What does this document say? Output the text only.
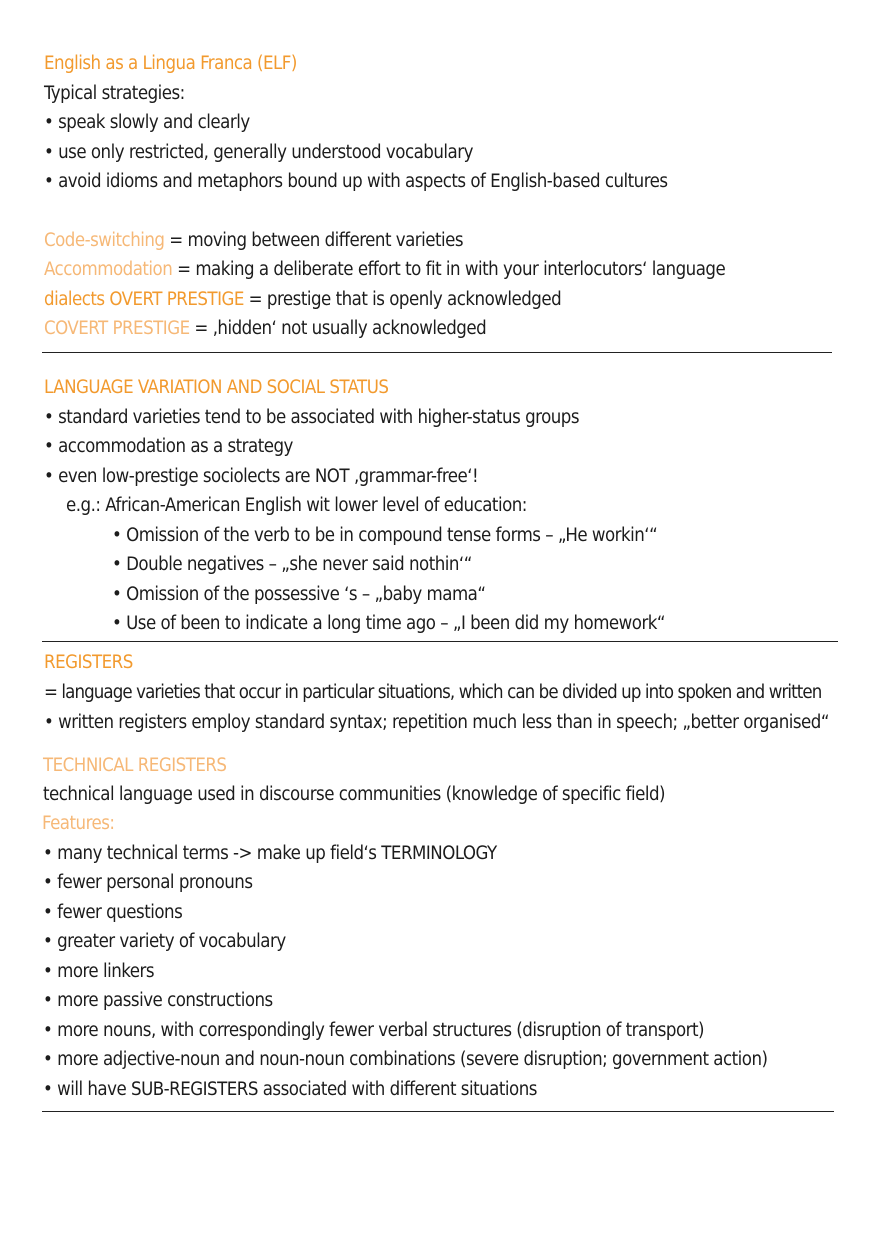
English as a Lingua Franca (ELF)
Typical strategies:
• speak slowly and clearly
• use only restricted, generally understood vocabulary
• avoid idioms and metaphors bound up with aspects of English-based cultures
Code-switching = moving between different varieties
Accommodation = making a deliberate effort to fit in with your interlocutors‘ language
dialects OVERT PRESTIGE = prestige that is openly acknowledged
COVERT PRESTIGE = ‚hidden‘ not usually acknowledged
LANGUAGE VARIATION AND SOCIAL STATUS
• standard varieties tend to be associated with higher-status groups
• accommodation as a strategy
• even low-prestige sociolects are NOT ‚grammar-free‘!
e.g.: African-American English wit lower level of education:
• Omission of the verb to be in compound tense forms – „He workin‘“
• Double negatives – „she never said nothin‘“
• Omission of the possessive ‘s – „baby mama“
• Use of been to indicate a long time ago – „I been did my homework“
REGISTERS
= language varieties that occur in particular situations, which can be divided up into spoken and written
• written registers employ standard syntax; repetition much less than in speech; „better organised“
TECHNICAL REGISTERS
technical language used in discourse communities (knowledge of specific field)
Features:
• many technical terms -> make up field‘s TERMINOLOGY
• fewer personal pronouns
• fewer questions
• greater variety of vocabulary
• more linkers
• more passive constructions
• more nouns, with correspondingly fewer verbal structures (disruption of transport)
• more adjective-noun and noun-noun combinations (severe disruption; government action)
• will have SUB-REGISTERS associated with different situations
